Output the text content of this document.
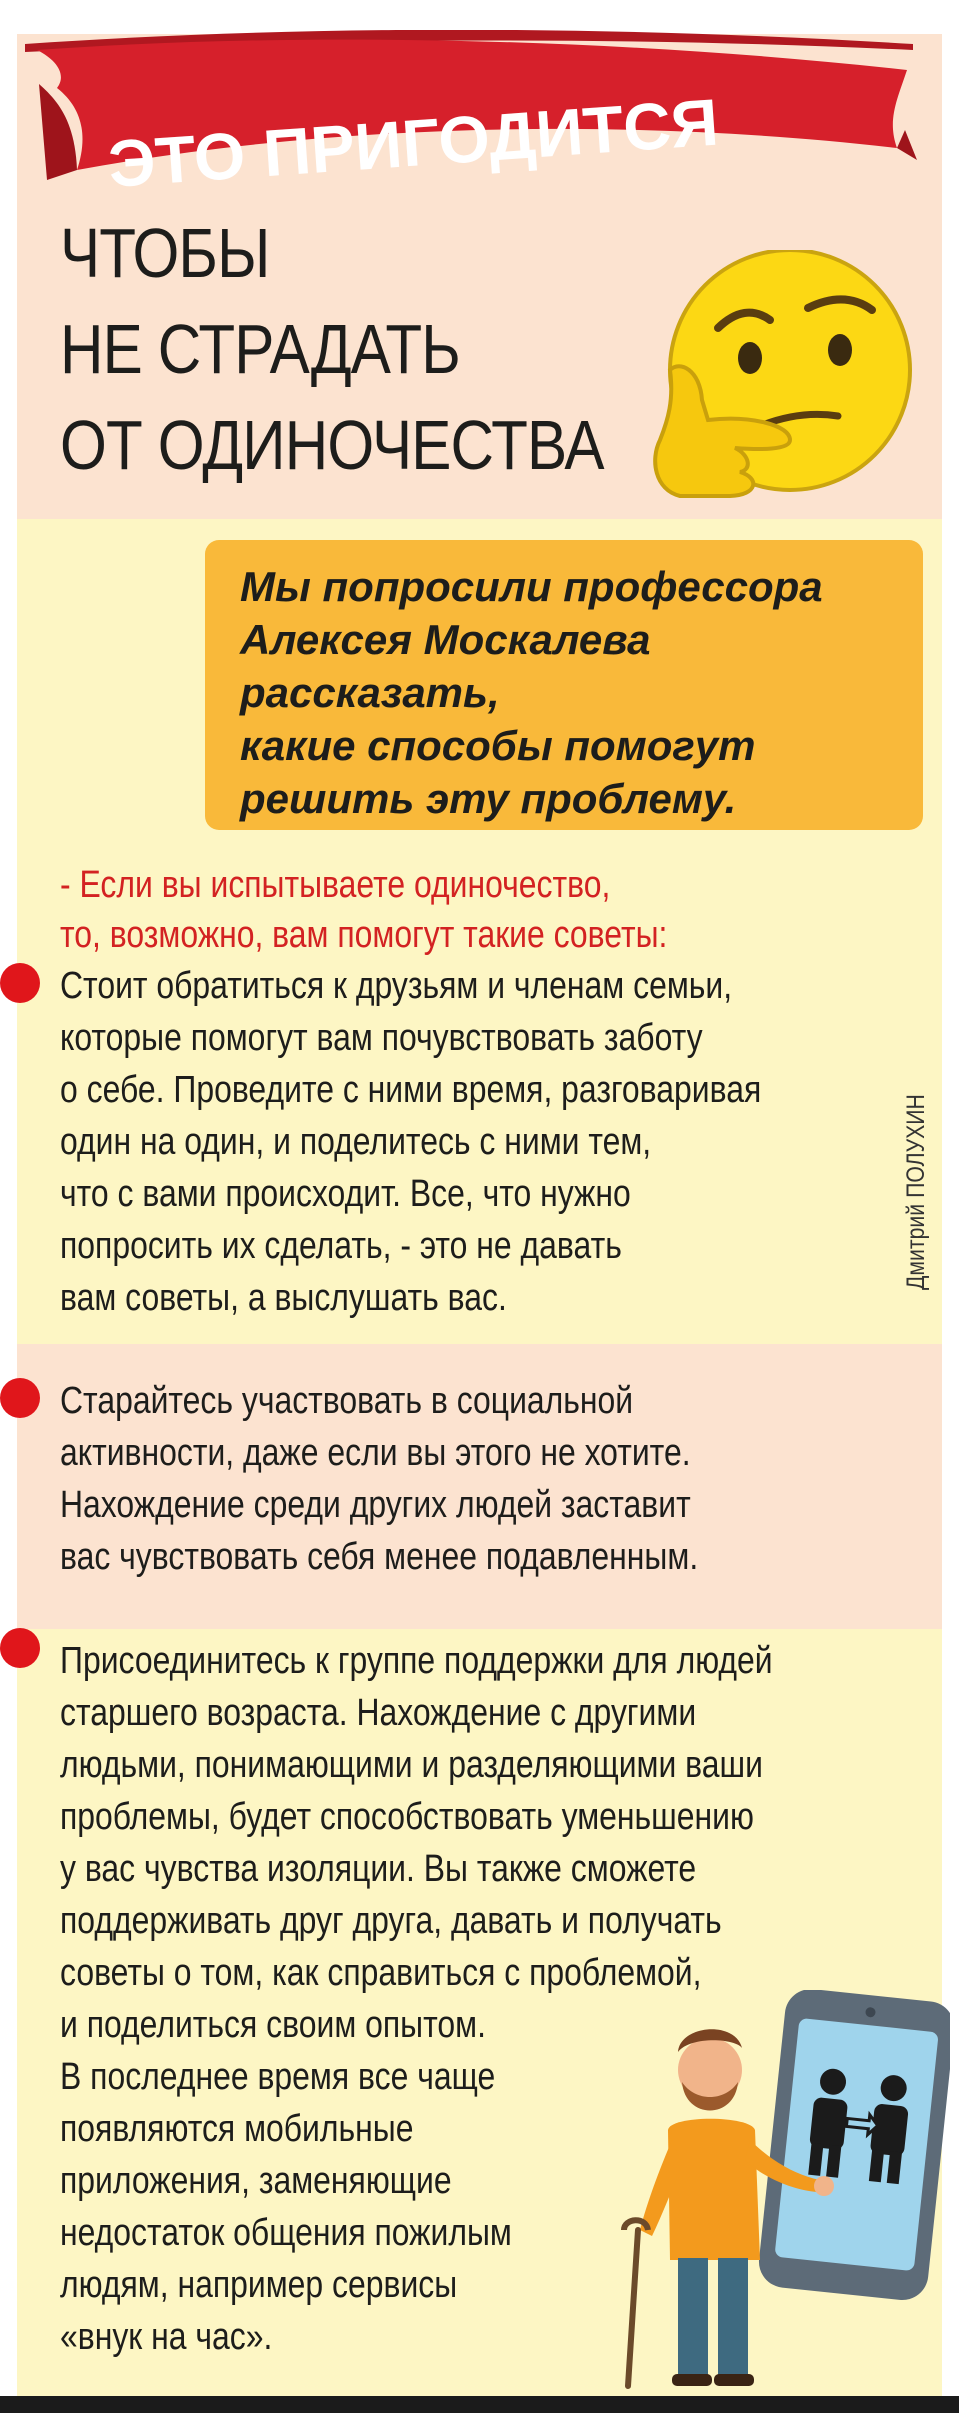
ЭТО ПРИГОДИТСЯ
ЧТОБЫ
НЕ СТРАДАТЬ
ОТ ОДИНОЧЕСТВА
Мы попросили профессора
Алексея Москалева
рассказать,
какие способы помогут
решить эту проблему.
- Если вы испытываете одиночество,
то, возможно, вам помогут такие советы:
Стоит обратиться к друзьям и членам семьи,
которые помогут вам почувствовать заботу
о себе. Проведите с ними время, разговаривая
один на один, и поделитесь с ними тем,
что с вами происходит. Все, что нужно
попросить их сделать, - это не давать
вам советы, а выслушать вас.
Старайтесь участвовать в социальной
активности, даже если вы этого не хотите.
Нахождение среди других людей заставит
вас чувствовать себя менее подавленным.
Присоединитесь к группе поддержки для людей
старшего возраста. Нахождение с другими
людьми, понимающими и разделяющими ваши
проблемы, будет способствовать уменьшению
у вас чувства изоляции. Вы также сможете
поддерживать друг друга, давать и получать
советы о том, как справиться с проблемой,
и поделиться своим опытом.
В последнее время все чаще
появляются мобильные
приложения, заменяющие
недостаток общения пожилым
людям, например сервисы
«внук на час».
Дмитрий ПОЛУХИН
